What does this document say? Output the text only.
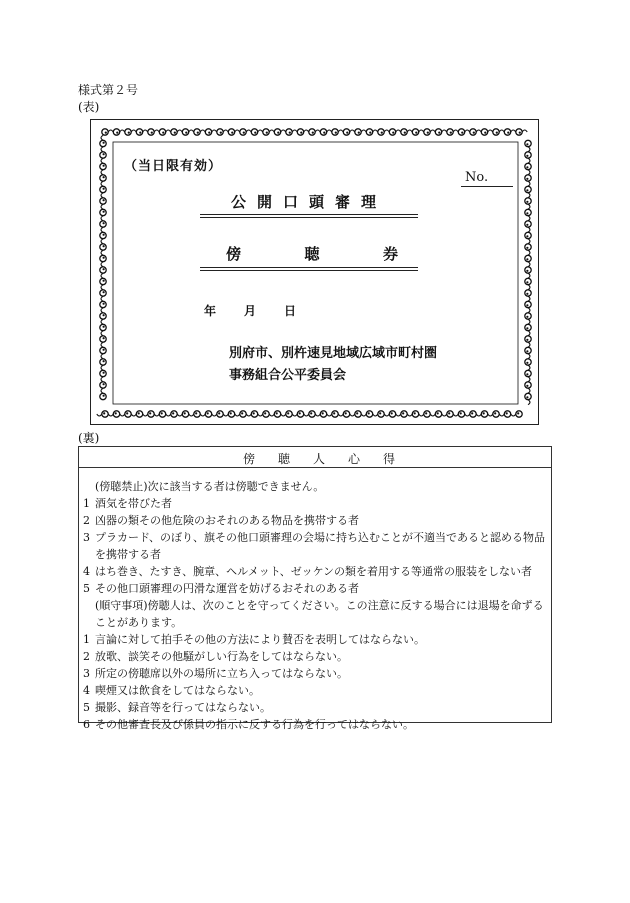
様式第２号
(表)
（当日限有効）
No.
公開口頭審理
傍	聴	券
年 月 日
別府市、別杵速見地域広域市町村圏
事務組合公平委員会
(裏)
傍 聴 人 心 得
(傍聴禁止)次に該当する者は傍聴できません。
1 酒気を帯びた者
2 凶器の類その他危険のおそれのある物品を携帯する者
3 プラカード、のぼり、旗その他口頭審理の会場に持ち込むことが不適当であると認める物品を携帯する者
4 はち巻き、たすき、腕章、ヘルメット、ゼッケンの類を着用する等通常の服装をしない者
5 その他口頭審理の円滑な運営を妨げるおそれのある者
(順守事項)傍聴人は、次のことを守ってください。この注意に反する場合には退場を命ずることがあります。
1 言論に対して拍手その他の方法により賛否を表明してはならない。
2 放歌、談笑その他騒がしい行為をしてはならない。
3 所定の傍聴席以外の場所に立ち入ってはならない。
4 喫煙又は飲食をしてはならない。
5 撮影、録音等を行ってはならない。
6 その他審査長及び係員の指示に反する行為を行ってはならない。
